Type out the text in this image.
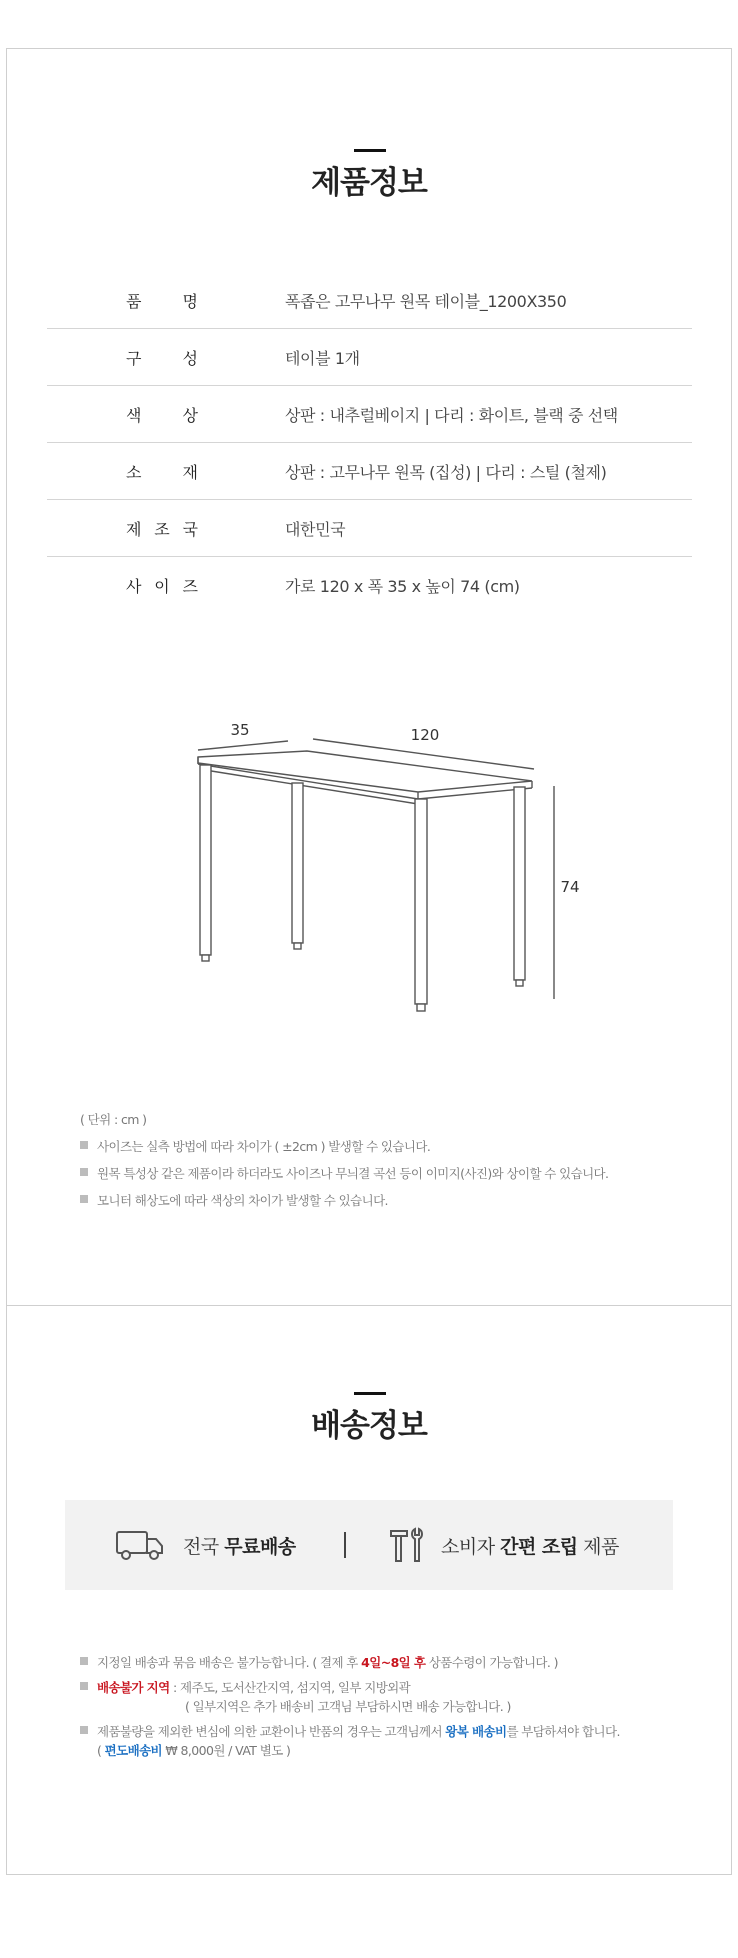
제품정보
품	명	폭좁은 고무나무 원목 테이블_1200X350
구	성	테이블 1개
색	상	상판 : 내추럴베이지 | 다리 : 화이트, 블랙 중 선택
소	재	상판 : 고무나무 원목 (집성) | 다리 : 스틸 (철제)
제 조 국	대한민국
사 이 즈	가로 120 x 폭 35 x 높이 74 (cm)
35	120
74
( 단위 : cm )
사이즈는 실측 방법에 따라 차이가 ( ±2cm ) 발생할 수 있습니다.
원목 특성상 같은 제품이라 하더라도 사이즈나 무늬결 곡선 등이 이미지(사진)와 상이할 수 있습니다.
모니터 해상도에 따라 색상의 차이가 발생할 수 있습니다.
배송정보
전국 무료배송	소비자 간편 조립 제품
지정일 배송과 묶음 배송은 불가능합니다. ( 결제 후 4일~8일 후 상품수령이 가능합니다. )
배송불가 지역 : 제주도, 도서산간지역, 섬지역, 일부 지방외곽
( 일부지역은 추가 배송비 고객님 부담하시면 배송 가능합니다. )
제품불량을 제외한 변심에 의한 교환이나 반품의 경우는 고객님께서 왕복 배송비를 부담하셔야 합니다.
( 편도배송비 ₩ 8,000원 / VAT 별도 )
